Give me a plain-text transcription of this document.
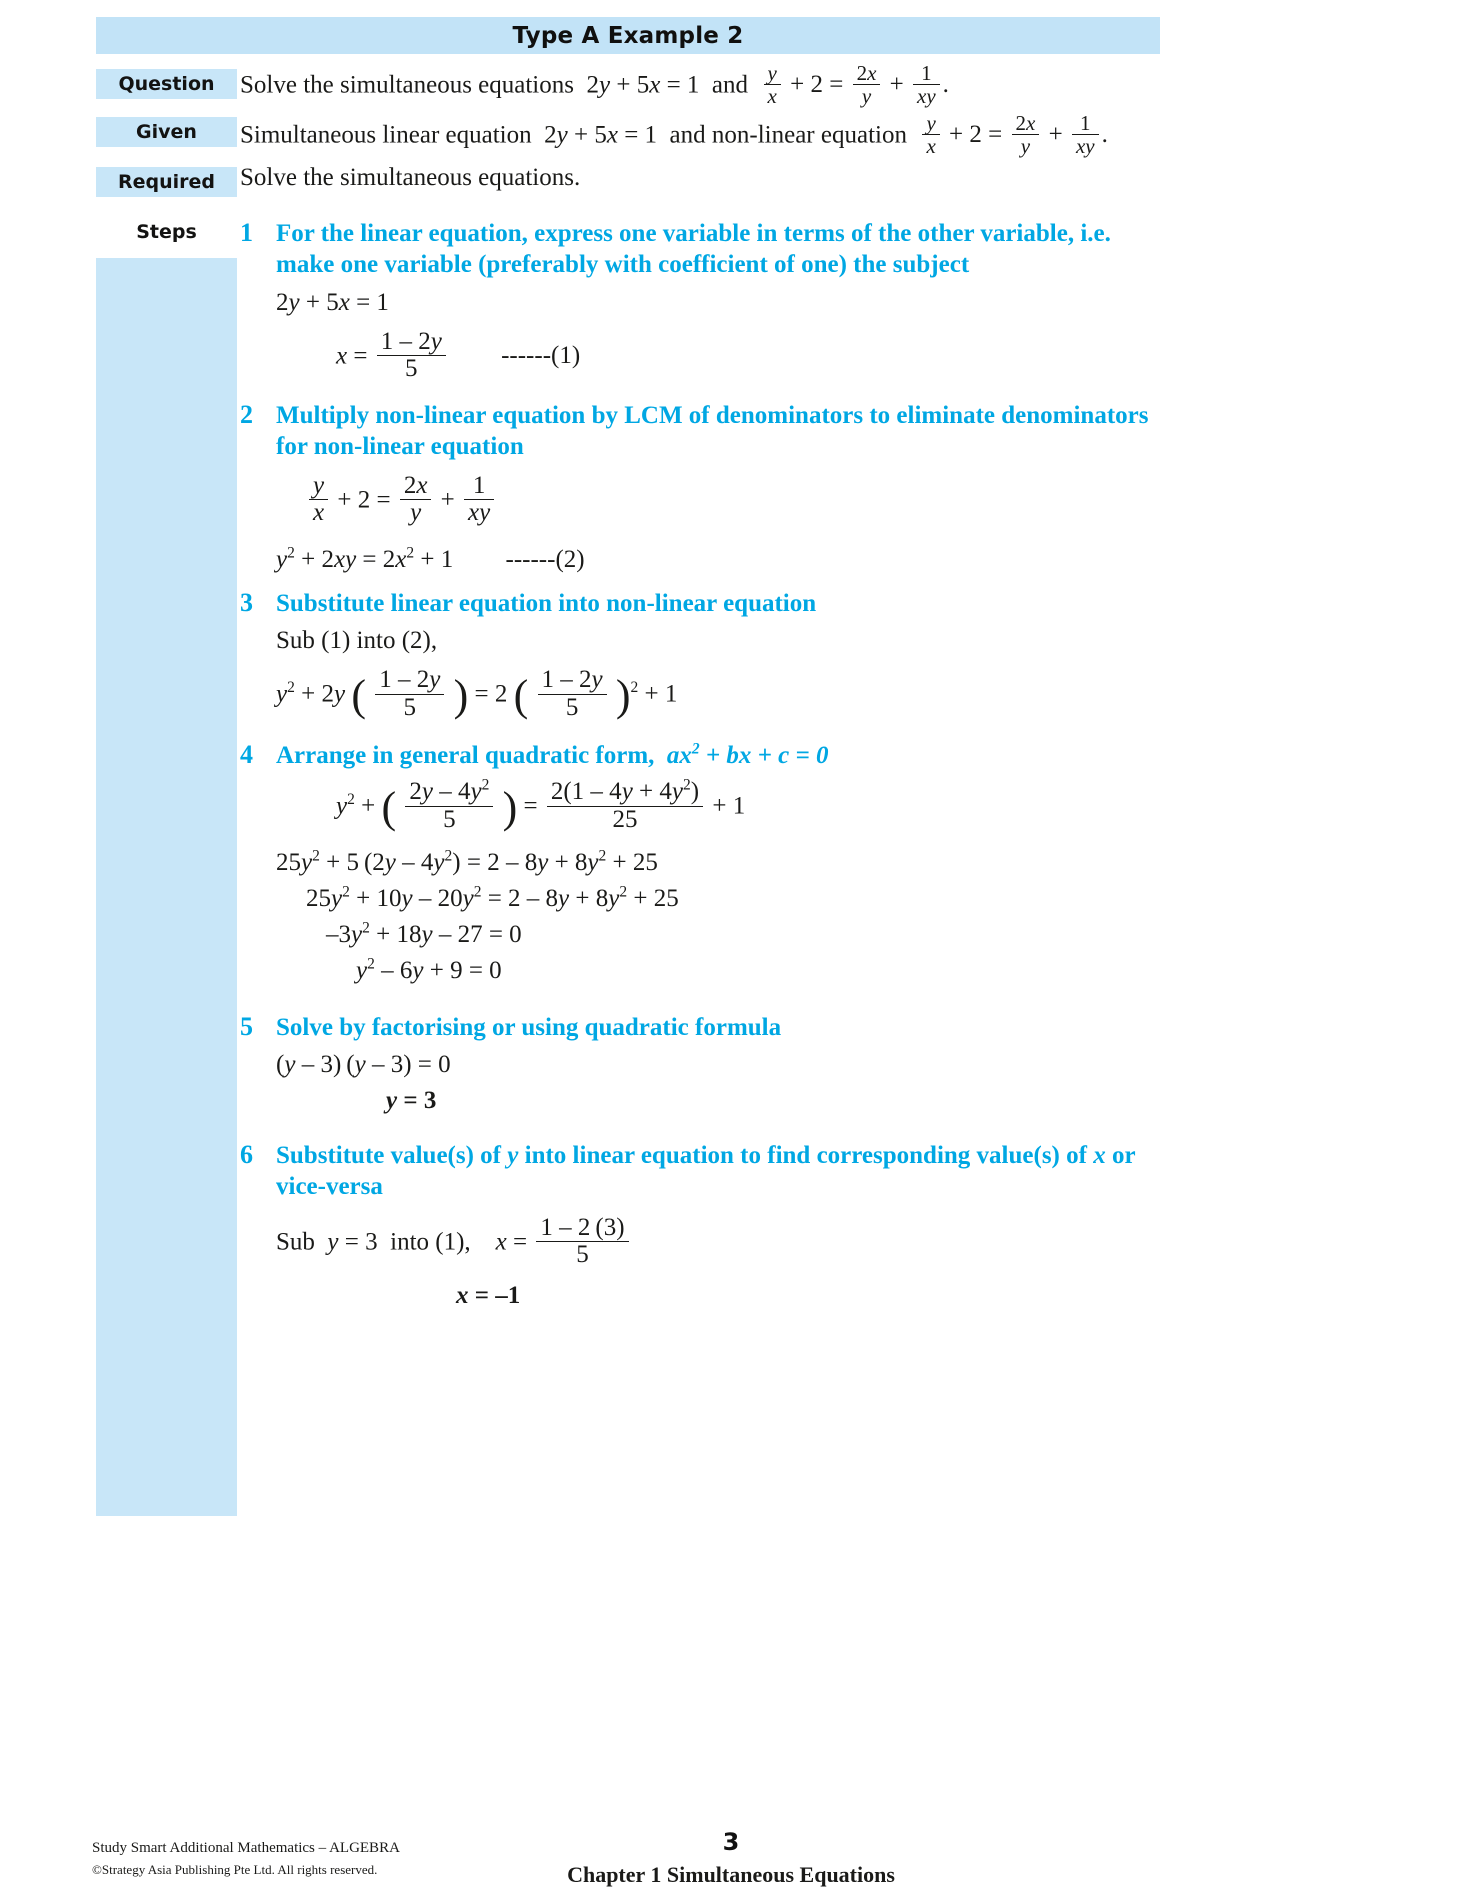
Type A Example 2
Question
Given
Required
Steps
Solve the simultaneous equations  2y + 5x = 1  and $\frac{y}{x} + 2 = \frac{2x}{y} + \frac{1}{xy}$ .
Simultaneous linear equation  2y + 5x = 1  and non-linear equation $\frac{y}{x} + 2 = \frac{2x}{y} + \frac{1}{xy}$ .
Solve the simultaneous equations.
1 For the linear equation, express one variable in terms of the other variable, i.e. make one variable (preferably with coefficient of one) the subject
2y + 5x = 1
$x = \frac{1 - 2y}{5} ------(1)$
2 Multiply non-linear equation by LCM of denominators to eliminate denominators for non-linear equation
$\frac{y}{x} + 2 = \frac{2x}{y} + \frac{1}{xy}$
$y^2 + 2xy = 2x^2 + 1$ ------(2)
3 Substitute linear equation into non-linear equation
Sub (1) into (2),
$y^2 + 2y$ (
$\frac{1 - 2y}{5}$
) = 2 (
$\frac{1 - 2y}{5}$
) $^2$ + 1
4 Arrange in general quadratic form,  $ax^2$ + bx + c = 0
$y^2$ + (
$\frac{2y - 4y^2}{5}$
) = $\frac{2(1 - 4y + 4y^2)}{25} + 1$
$25y^2 + 5$ $(2y - 4y^2) = 2 - 8y + 8y^2 + 25$
$25y^2 + 10y - 20y^2 = 2 - 8y + 8y^2 + 25$
$-3y^2 + 18y - 27 = 0$
$y^2 - 6y + 9 = 0$
5 Solve by factorising or using quadratic formula
(y – 3) (y – 3) = 0
y = 3
6 Substitute value(s) of y into linear equation to find corresponding value(s) of x or vice-versa
Sub y = 3  into (1), $x = \frac{1 - 2 (3)}{5}$
x = –1
Study Smart Additional Mathematics – ALGEBRA
©Strategy Asia Publishing Pte Ltd. All rights reserved.
3
Chapter 1 Simultaneous Equations
